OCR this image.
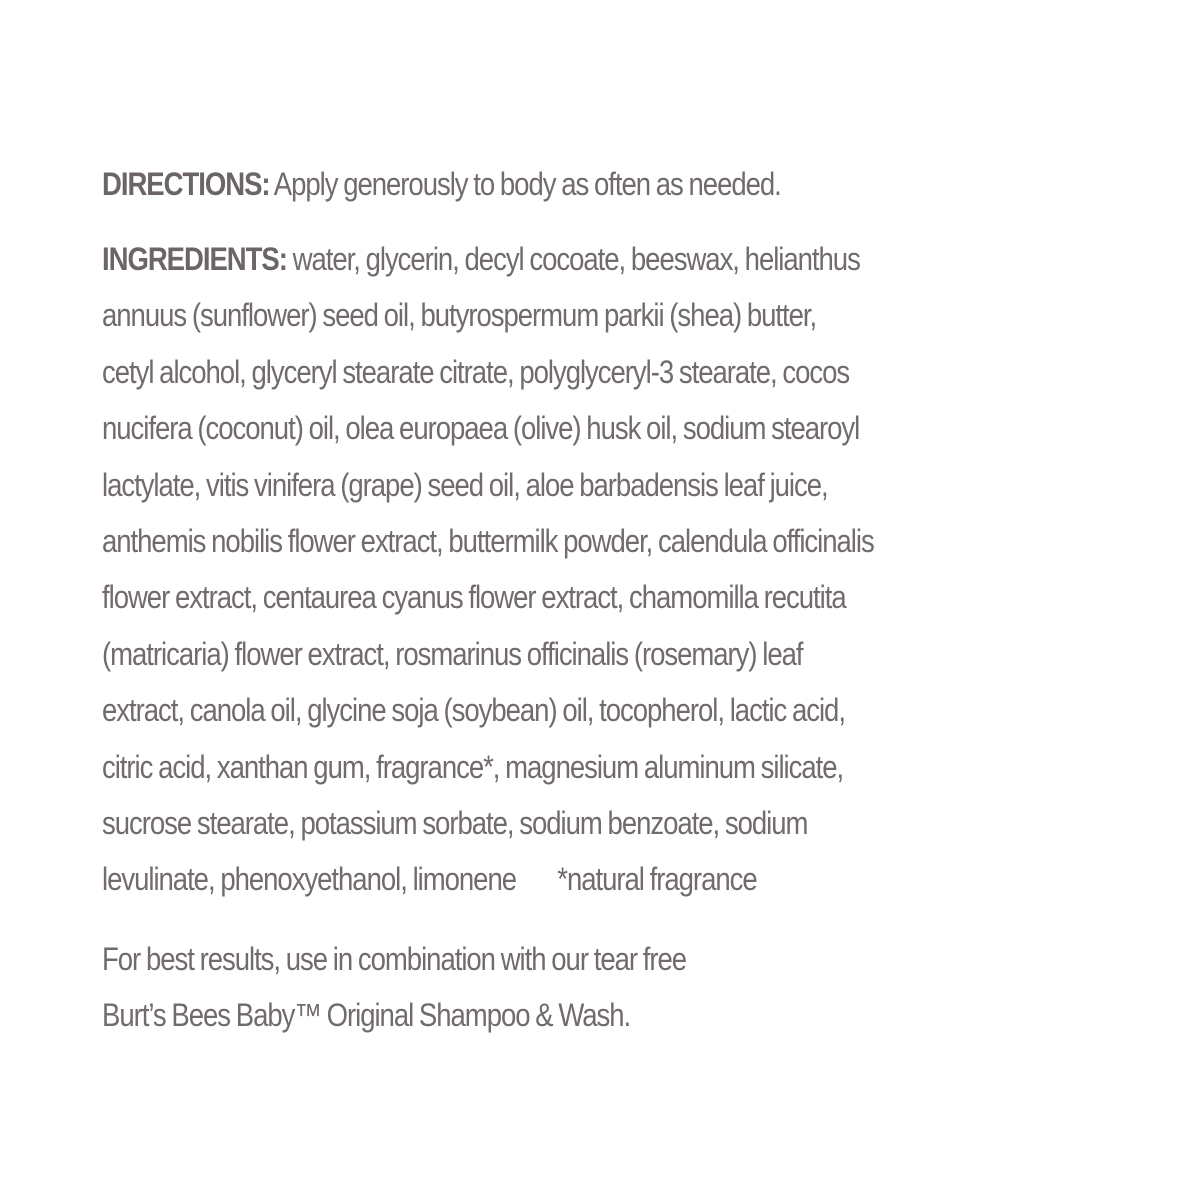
DIRECTIONS: Apply generously to body as often as needed.
INGREDIENTS: water, glycerin, decyl cocoate, beeswax, helianthus
annuus (sunflower) seed oil, butyrospermum parkii (shea) butter,
cetyl alcohol, glyceryl stearate citrate, polyglyceryl-3 stearate, cocos
nucifera (coconut) oil, olea europaea (olive) husk oil, sodium stearoyl
lactylate, vitis vinifera (grape) seed oil, aloe barbadensis leaf juice,
anthemis nobilis flower extract, buttermilk powder, calendula officinalis
flower extract, centaurea cyanus flower extract, chamomilla recutita
(matricaria) flower extract, rosmarinus officinalis (rosemary) leaf
extract, canola oil, glycine soja (soybean) oil, tocopherol, lactic acid,
citric acid, xanthan gum, fragrance*, magnesium aluminum silicate,
sucrose stearate, potassium sorbate, sodium benzoate, sodium
levulinate, phenoxyethanol, limonene *natural fragrance
For best results, use in combination with our tear free
Burt’s Bees Baby™ Original Shampoo & Wash.
